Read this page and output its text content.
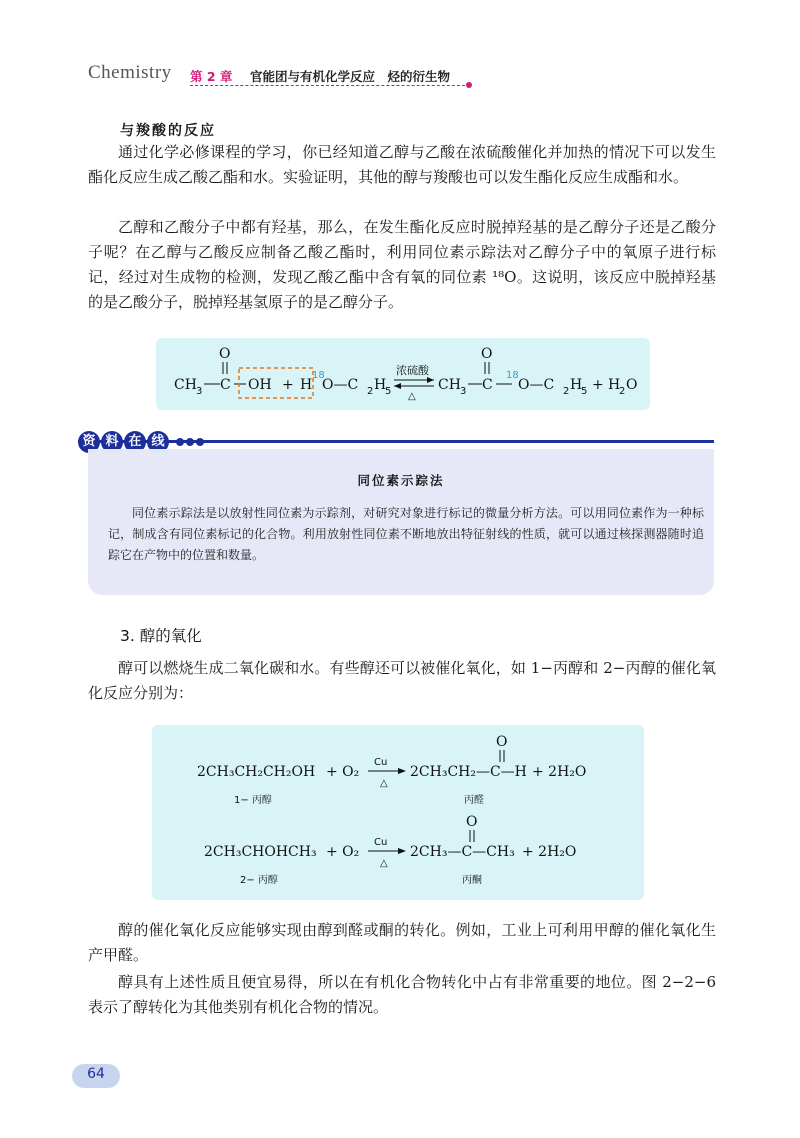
Chemistry 第 2 章 官能团与有机化学反应　烃的衍生物
与羧酸的反应

通过化学必修课程的学习，你已经知道乙醇与乙酸在浓硫酸催化并加热的情况下可以发生酯化反应生成乙酸乙酯和水。实验证明，其他的醇与羧酸也可以发生酯化反应生成酯和水。

乙醇和乙酸分子中都有羟基，那么，在发生酯化反应时脱掉羟基的是乙醇分子还是乙酸分子呢？在乙醇与乙酸反应制备乙酸乙酯时，利用同位素示踪法对乙醇分子中的氧原子进行标记，经过对生成物的检测，发现乙酸乙酯中含有氧的同位素 ¹⁸O。这说明，该反应中脱掉羟基的是乙酸分子，脱掉羟基氢原子的是乙醇分子。

CH 3 C
O
OH + H
18
O—C 2 H
5
浓硫酸
△
CH 3 C
O
18
O—C 2 H
5 + H
2 O
资 料 在 线
同位素示踪法

同位素示踪法是以放射性同位素为示踪剂，对研究对象进行标记的微量分析方法。可以用同位素作为一种标记，制成含有同位素标记的化合物。利用放射性同位素不断地放出特征射线的性质，就可以通过核探测器随时追踪它在产物中的位置和数量。

3. 醇的氧化

醇可以燃烧生成二氧化碳和水。有些醇还可以被催化氧化，如 1−丙醇和 2−丙醇的催化氧化反应分别为：

2CH₃CH₂CH₂OH + O₂
Cu
△
2CH₃CH₂—C—H
O
+ 2H₂O
1− 丙醇	丙醛
2CH₃CHOHCH₃ + O₂
Cu
△
2CH₃—C—CH₃
O
+ 2H₂O
2− 丙醇	丙酮

醇的催化氧化反应能够实现由醇到醛或酮的转化。例如，工业上可利用甲醇的催化氧化生产甲醛。

醇具有上述性质且便宜易得，所以在有机化合物转化中占有非常重要的地位。图 2−2−6 表示了醇转化为其他类别有机化合物的情况。

64
